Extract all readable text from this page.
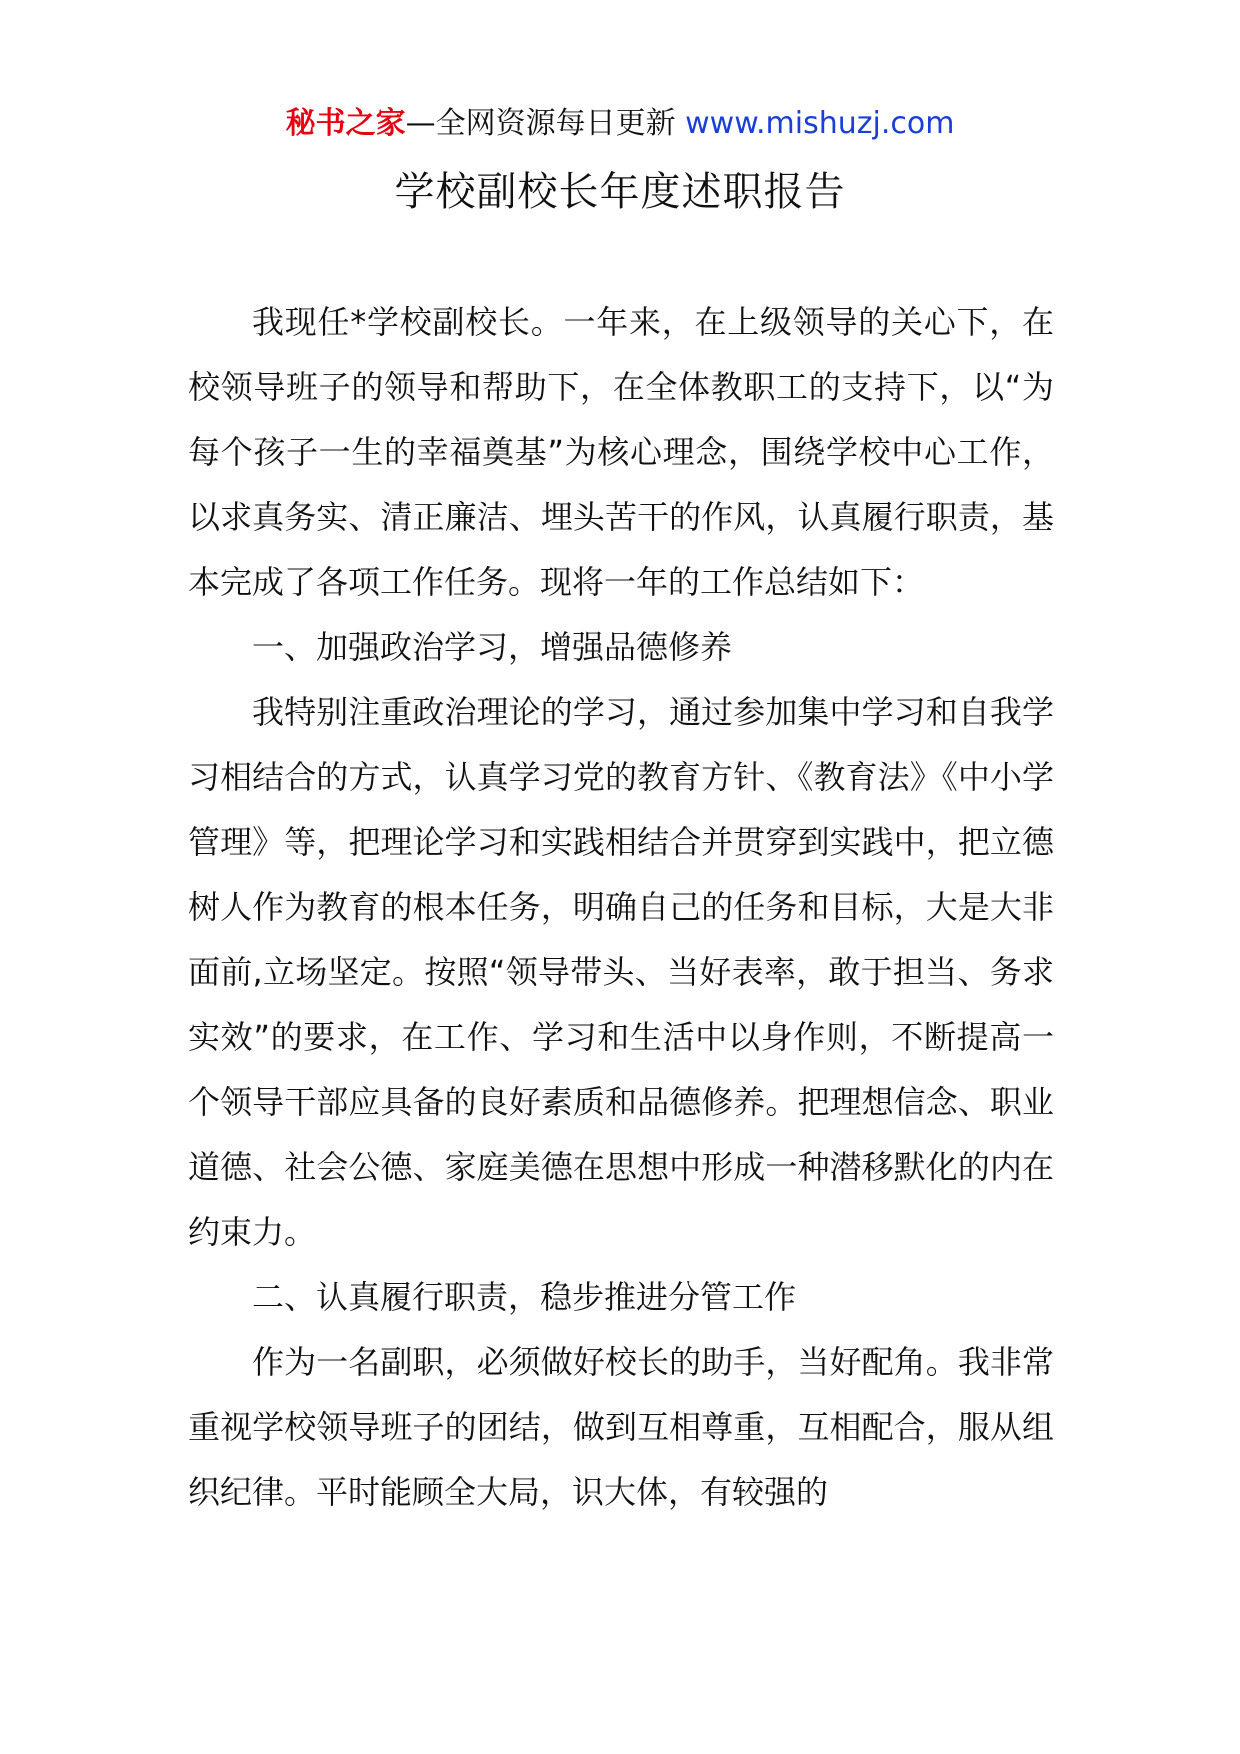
秘书之家—全网资源每日更新 www.mishuzj.com
学校副校长年度述职报告

我现任*学校副校长。一年来，在上级领导的关心下，在校领导班子的领导和帮助下，在全体教职工的支持下，以“为每个孩子一生的幸福奠基”为核心理念，围绕学校中心工作，以求真务实、清正廉洁、埋头苦干的作风，认真履行职责，基本完成了各项工作任务。现将一年的工作总结如下：

一、加强政治学习，增强品德修养

我特别注重政治理论的学习，通过参加集中学习和自我学习相结合的方式，认真学习党的教育方针、《教育法》《中小学管理》等，把理论学习和实践相结合并贯穿到实践中，把立德树人作为教育的根本任务，明确自己的任务和目标，大是大非面前,立场坚定。按照“领导带头、当好表率，敢于担当、务求实效”的要求，在工作、学习和生活中以身作则，不断提高一个领导干部应具备的良好素质和品德修养。把理想信念、职业道德、社会公德、家庭美德在思想中形成一种潜移默化的内在约束力。

二、认真履行职责，稳步推进分管工作

作为一名副职，必须做好校长的助手，当好配角。我非常重视学校领导班子的团结，做到互相尊重，互相配合，服从组织纪律。平时能顾全大局，识大体，有较强的
